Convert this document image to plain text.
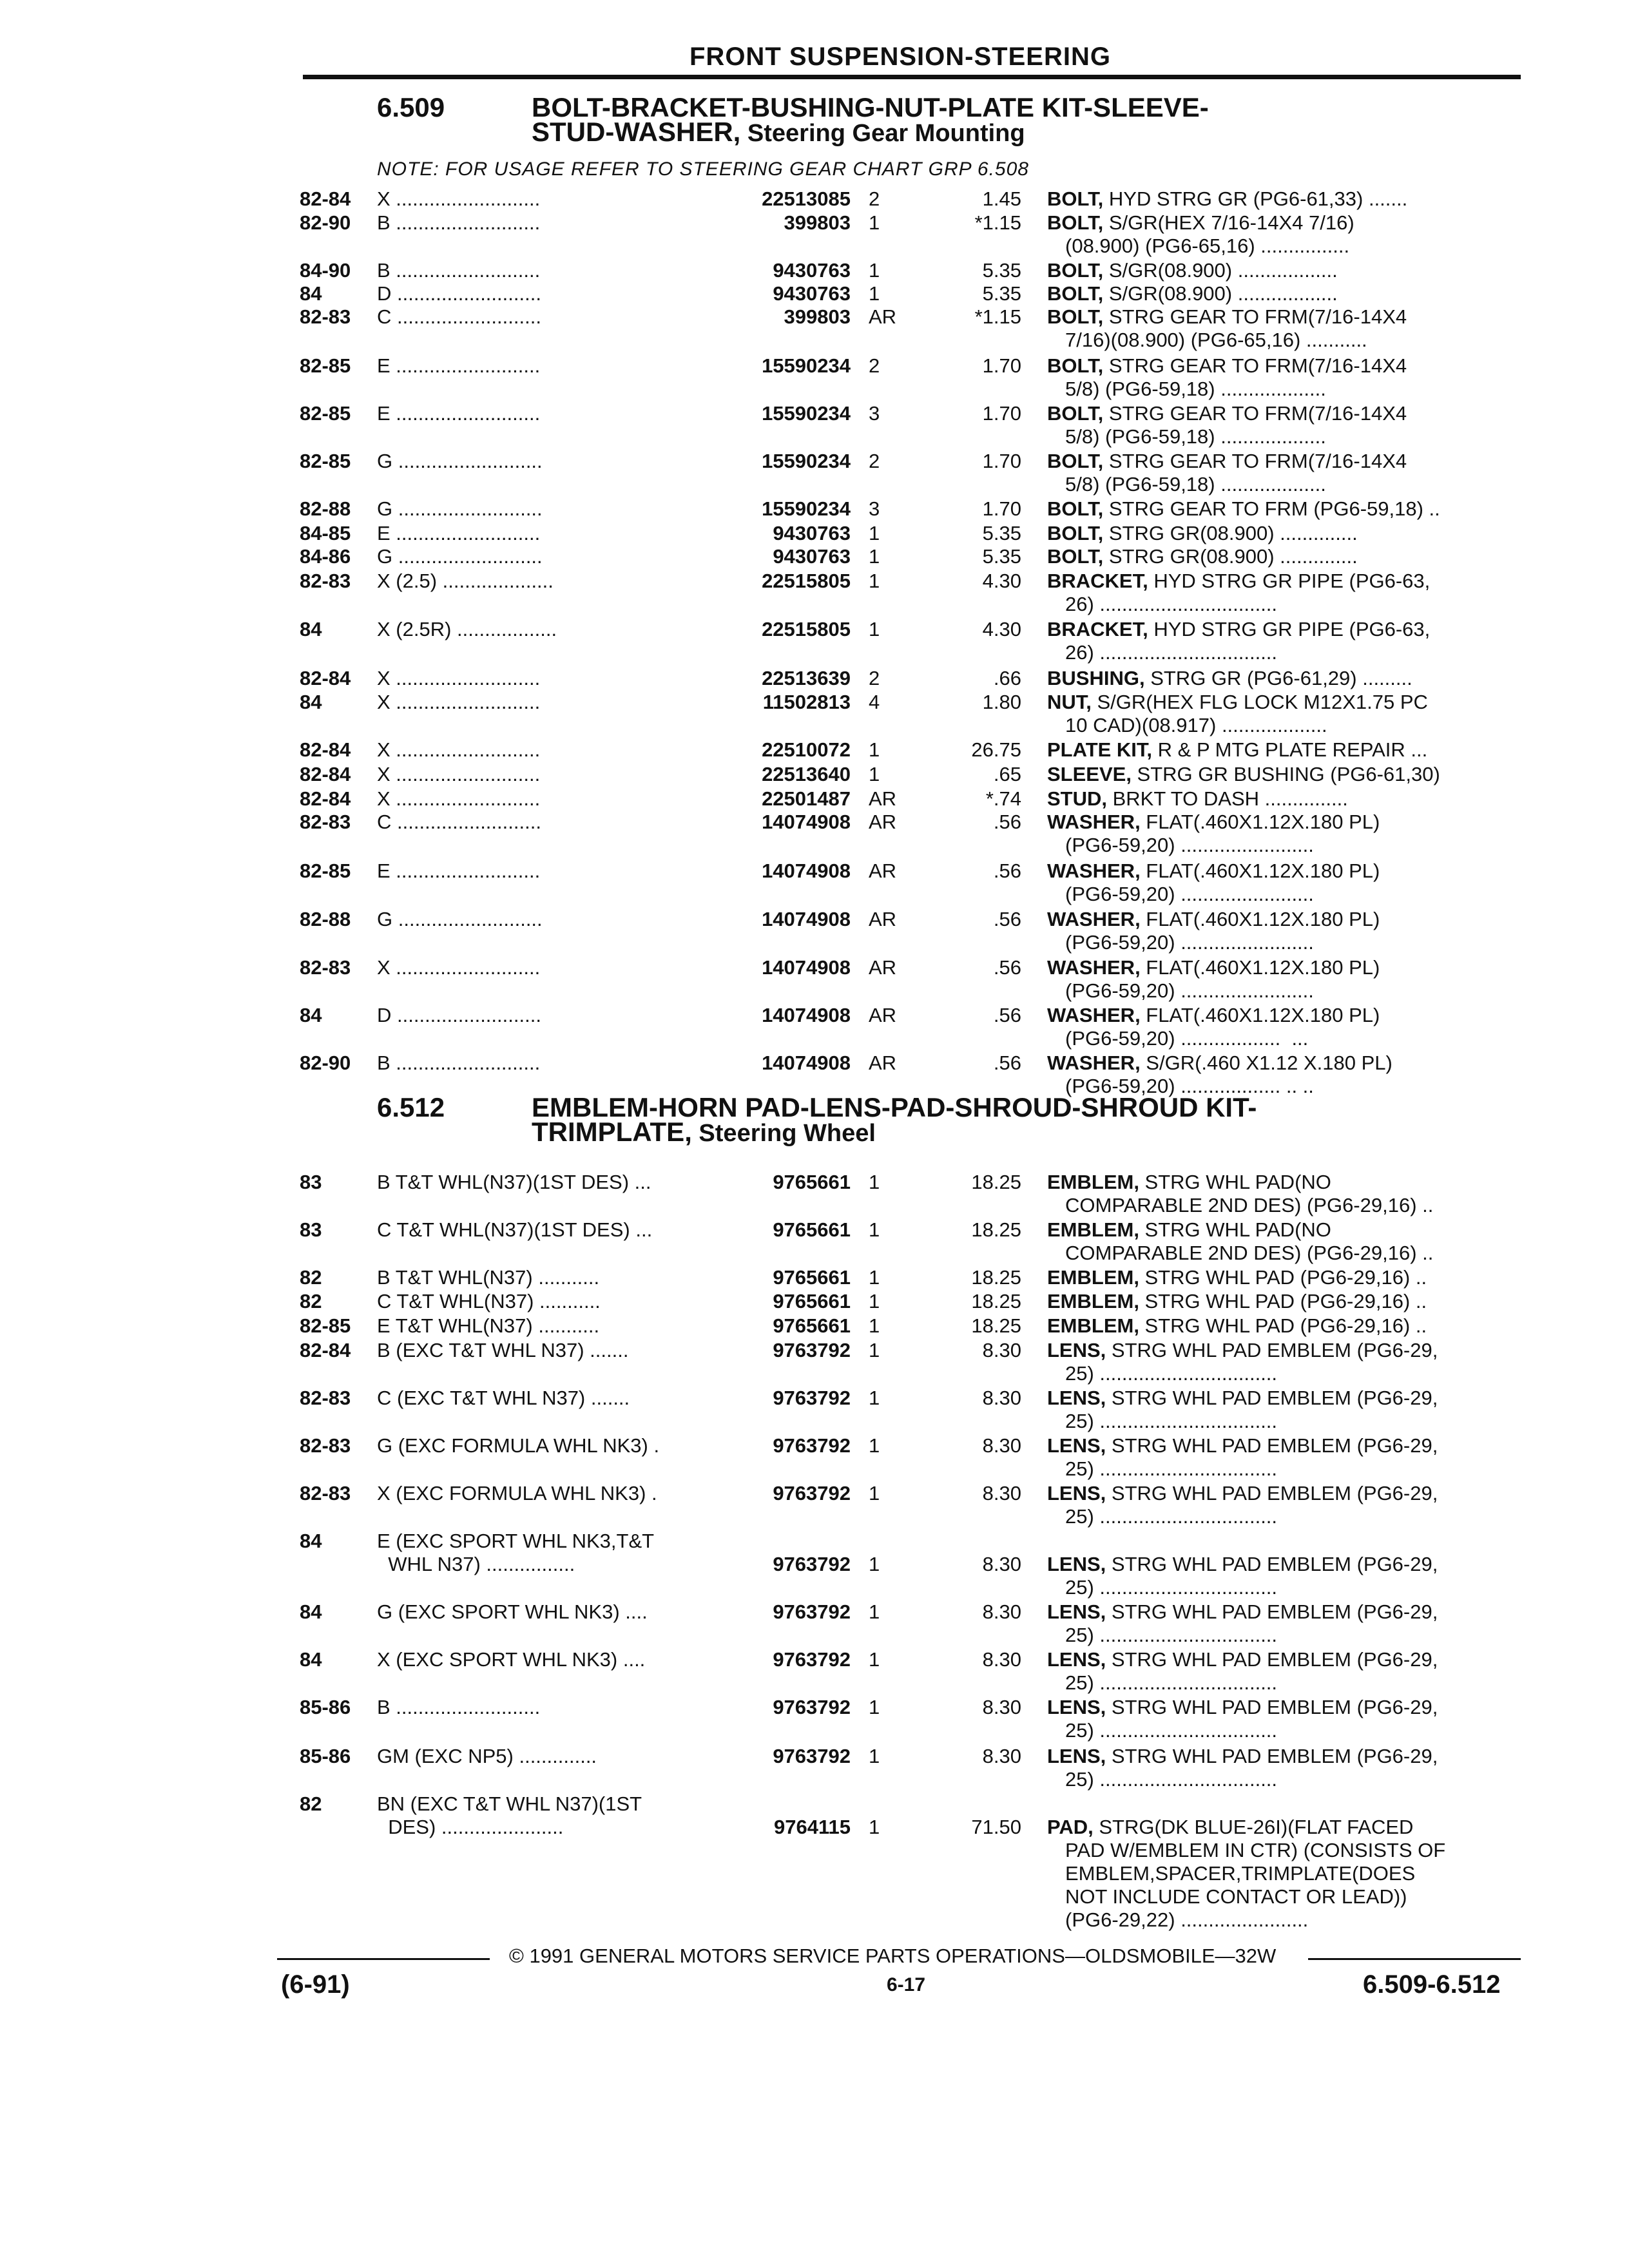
FRONT SUSPENSION-STEERING
6.509	BOLT-BRACKET-BUSHING-NUT-PLATE KIT-SLEEVE-
STUD-WASHER, Steering Gear Mounting
NOTE: FOR USAGE REFER TO STEERING GEAR CHART GRP 6.508
82-84 X ..........................	22513085 2	1.45 BOLT, HYD STRG GR (PG6-61,33) .......
82-90 B ..........................	399803 1	*1.15 BOLT, S/GR(HEX 7/16-14X4 7/16)
(08.900) (PG6-65,16) ................
84-90 B ..........................	9430763 1	5.35 BOLT, S/GR(08.900) ..................
84	D ..........................	9430763 1	5.35 BOLT, S/GR(08.900) ..................
82-83 C ..........................	399803 AR	*1.15 BOLT, STRG GEAR TO FRM(7/16-14X4
7/16)(08.900) (PG6-65,16) ...........
82-85 E ..........................	15590234 2	1.70 BOLT, STRG GEAR TO FRM(7/16-14X4
5/8) (PG6-59,18) ...................
82-85 E ..........................	15590234 3	1.70 BOLT, STRG GEAR TO FRM(7/16-14X4
5/8) (PG6-59,18) ...................
82-85 G ..........................	15590234 2	1.70 BOLT, STRG GEAR TO FRM(7/16-14X4
5/8) (PG6-59,18) ...................
82-88 G ..........................	15590234 3	1.70 BOLT, STRG GEAR TO FRM (PG6-59,18) ..
84-85 E ..........................	9430763 1	5.35 BOLT, STRG GR(08.900) ..............
84-86 G ..........................	9430763 1	5.35 BOLT, STRG GR(08.900) ..............
82-83 X (2.5) ....................	22515805 1	4.30 BRACKET, HYD STRG GR PIPE (PG6-63,
26) ................................
84	X (2.5R) ..................	22515805 1	4.30 BRACKET, HYD STRG GR PIPE (PG6-63,
26) ................................
82-84 X ..........................	22513639 2	.66 BUSHING, STRG GR (PG6-61,29) .........
84	X ..........................	11502813 4	1.80 NUT, S/GR(HEX FLG LOCK M12X1.75 PC
10 CAD)(08.917) ...................
82-84 X ..........................	22510072 1	26.75 PLATE KIT, R & P MTG PLATE REPAIR ...
82-84 X ..........................	22513640 1	.65 SLEEVE, STRG GR BUSHING (PG6-61,30)
82-84 X ..........................	22501487 AR	*.74 STUD, BRKT TO DASH ...............
82-83 C ..........................	14074908 AR	.56 WASHER, FLAT(.460X1.12X.180 PL)
(PG6-59,20) ........................
82-85 E ..........................	14074908 AR	.56 WASHER, FLAT(.460X1.12X.180 PL)
(PG6-59,20) ........................
82-88 G ..........................	14074908 AR	.56 WASHER, FLAT(.460X1.12X.180 PL)
(PG6-59,20) ........................
82-83 X ..........................	14074908 AR	.56 WASHER, FLAT(.460X1.12X.180 PL)
(PG6-59,20) ........................
84	D ..........................	14074908 AR	.56 WASHER, FLAT(.460X1.12X.180 PL)
(PG6-59,20) ..................  ...
82-90 B ..........................	14074908 AR	.56 WASHER, S/GR(.460 X1.12 X.180 PL)
(PG6-59,20) .................. .. ..
6.512	EMBLEM-HORN PAD-LENS-PAD-SHROUD-SHROUD KIT-
TRIMPLATE, Steering Wheel
83	B T&T WHL(N37)(1ST DES) ...	9765661 1	18.25 EMBLEM, STRG WHL PAD(NO
COMPARABLE 2ND DES) (PG6-29,16) ..
83	C T&T WHL(N37)(1ST DES) ...	9765661 1	18.25 EMBLEM, STRG WHL PAD(NO
COMPARABLE 2ND DES) (PG6-29,16) ..
82	B T&T WHL(N37) ...........	9765661 1	18.25 EMBLEM, STRG WHL PAD (PG6-29,16) ..
82	C T&T WHL(N37) ...........	9765661 1	18.25 EMBLEM, STRG WHL PAD (PG6-29,16) ..
82-85 E T&T WHL(N37) ...........	9765661 1	18.25 EMBLEM, STRG WHL PAD (PG6-29,16) ..
82-84 B (EXC T&T WHL N37) .......	9763792 1	8.30 LENS, STRG WHL PAD EMBLEM (PG6-29,
25) ................................
82-83 C (EXC T&T WHL N37) .......	9763792 1	8.30 LENS, STRG WHL PAD EMBLEM (PG6-29,
25) ................................
82-83 G (EXC FORMULA WHL NK3) .	9763792 1	8.30 LENS, STRG WHL PAD EMBLEM (PG6-29,
25) ................................
82-83 X (EXC FORMULA WHL NK3) .	9763792 1	8.30 LENS, STRG WHL PAD EMBLEM (PG6-29,
25) ................................
84	E (EXC SPORT WHL NK3,T&T
WHL N37) ................	9763792 1	8.30 LENS, STRG WHL PAD EMBLEM (PG6-29,
25) ................................
84	G (EXC SPORT WHL NK3) ....	9763792 1	8.30 LENS, STRG WHL PAD EMBLEM (PG6-29,
25) ................................
84	X (EXC SPORT WHL NK3) ....	9763792 1	8.30 LENS, STRG WHL PAD EMBLEM (PG6-29,
25) ................................
85-86 B ..........................	9763792 1	8.30 LENS, STRG WHL PAD EMBLEM (PG6-29,
25) ................................
85-86 GM (EXC NP5) ..............	9763792 1	8.30 LENS, STRG WHL PAD EMBLEM (PG6-29,
25) ................................
82	BN (EXC T&T WHL N37)(1ST
DES) ......................	9764115 1	71.50 PAD, STRG(DK BLUE-26I)(FLAT FACED
PAD W/EMBLEM IN CTR) (CONSISTS OF
EMBLEM,SPACER,TRIMPLATE(DOES
NOT INCLUDE CONTACT OR LEAD))
(PG6-29,22) .......................
© 1991 GENERAL MOTORS SERVICE PARTS OPERATIONS—OLDSMOBILE—32W
(6-91)	6-17	6.509-6.512
